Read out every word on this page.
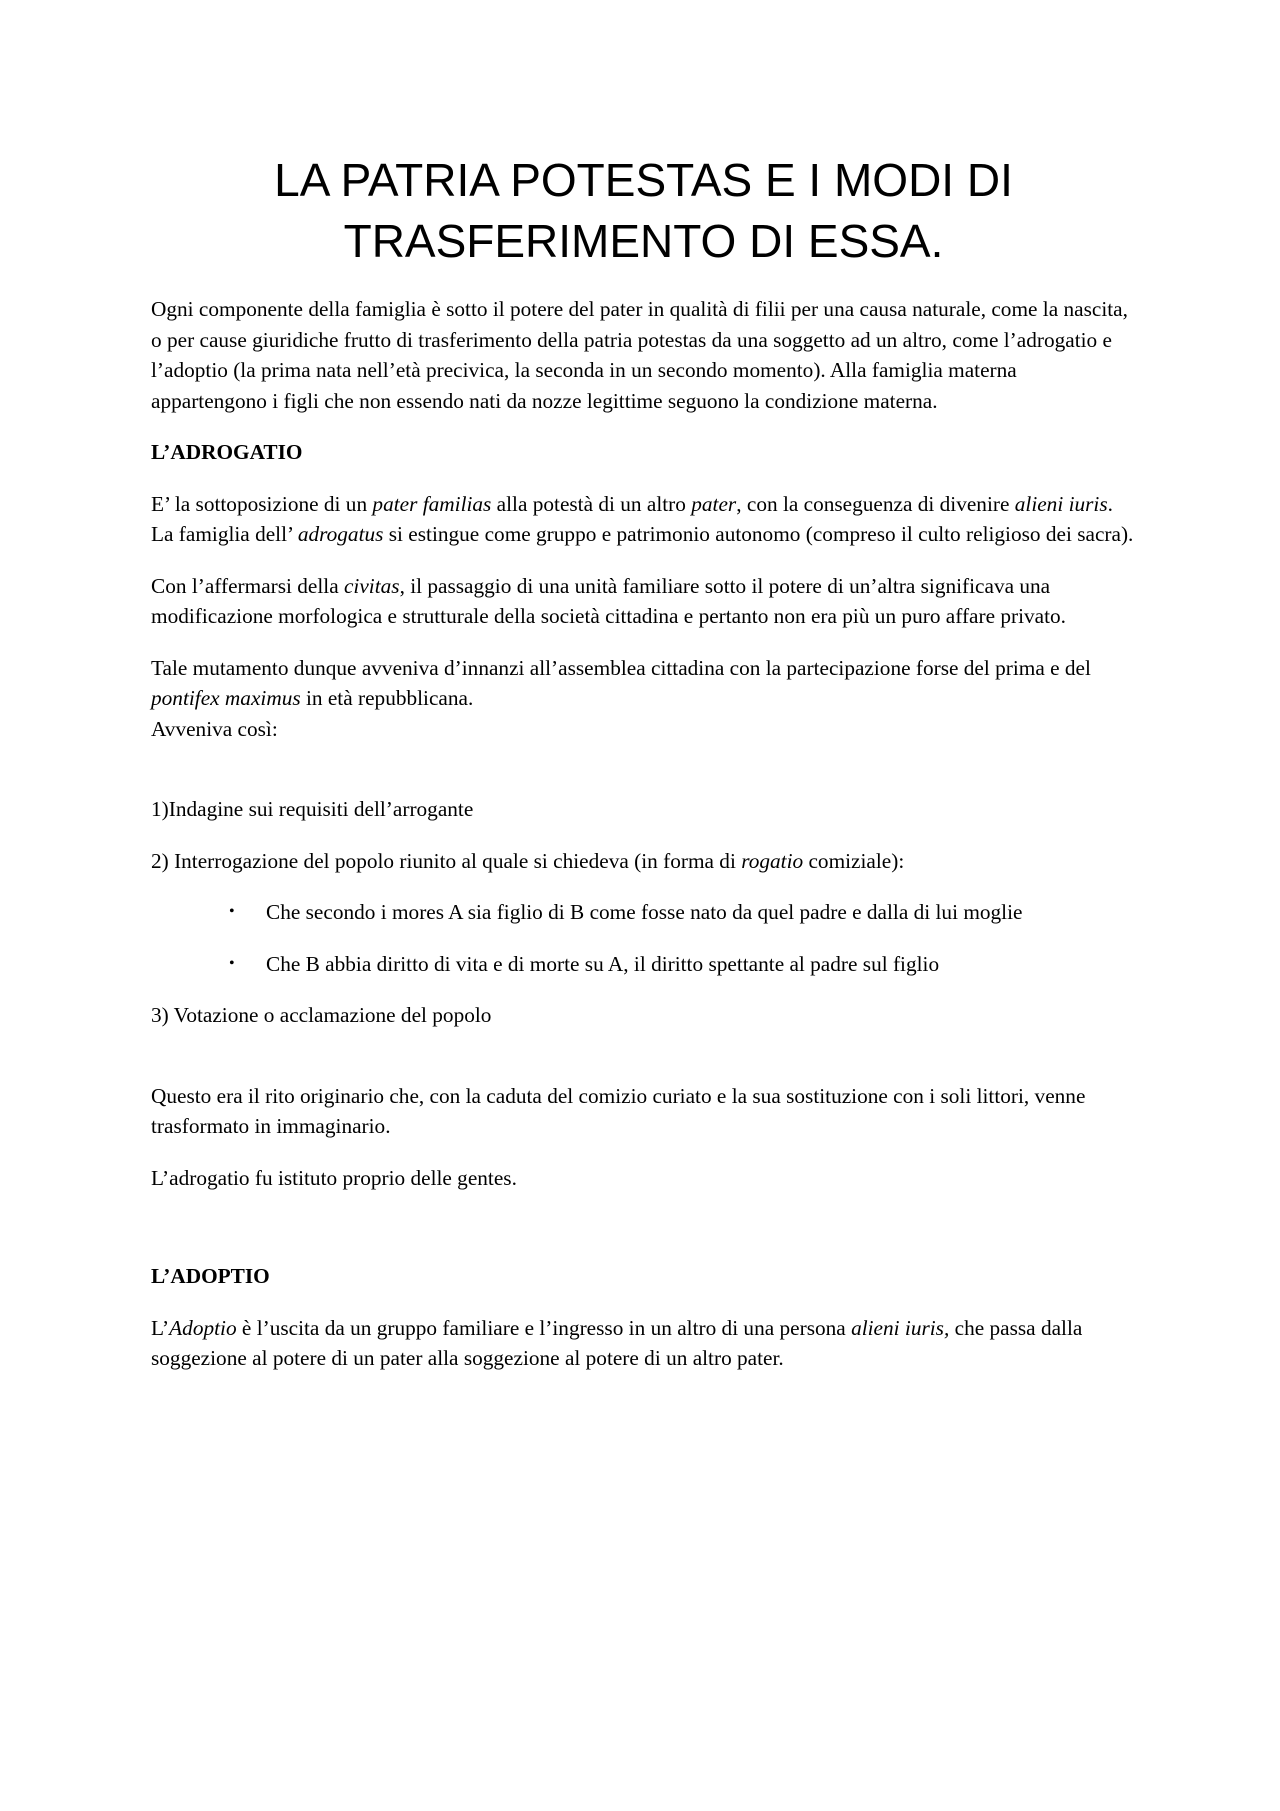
LA PATRIA POTESTAS E I MODI DI TRASFERIMENTO DI ESSA.

Ogni componente della famiglia è sotto il potere del pater in qualità di filii per una causa naturale, come la nascita, o per cause giuridiche frutto di trasferimento della patria potestas da una soggetto ad un altro, come l’adrogatio e l’adoptio (la prima nata nell’età precivica, la seconda in un secondo momento). Alla famiglia materna appartengono i figli che non essendo nati da nozze legittime seguono la condizione materna.

L’ADROGATIO

E’ la sottoposizione di un pater familias alla potestà di un altro pater, con la conseguenza di divenire alieni iuris. La famiglia dell’ adrogatus si estingue come gruppo e patrimonio autonomo (compreso il culto religioso dei sacra).

Con l’affermarsi della civitas, il passaggio di una unità familiare sotto il potere di un’altra significava una modificazione morfologica e strutturale della società cittadina e pertanto non era più un puro affare privato.

Tale mutamento dunque avveniva d’innanzi all’assemblea cittadina con la partecipazione forse del prima e del pontifex maximus in età repubblicana.
Avveniva così:

1)Indagine sui requisiti dell’arrogante

2) Interrogazione del popolo riunito al quale si chiedeva (in forma di rogatio comiziale):

• Che secondo i mores A sia figlio di B come fosse nato da quel padre e dalla di lui moglie
• Che B abbia diritto di vita e di morte su A, il diritto spettante al padre sul figlio

3) Votazione o acclamazione del popolo

Questo era il rito originario che, con la caduta del comizio curiato e la sua sostituzione con i soli littori, venne trasformato in immaginario.

L’adrogatio fu istituto proprio delle gentes.

L’ADOPTIO

L’Adoptio è l’uscita da un gruppo familiare e l’ingresso in un altro di una persona alieni iuris, che passa dalla soggezione al potere di un pater alla soggezione al potere di un altro pater.
